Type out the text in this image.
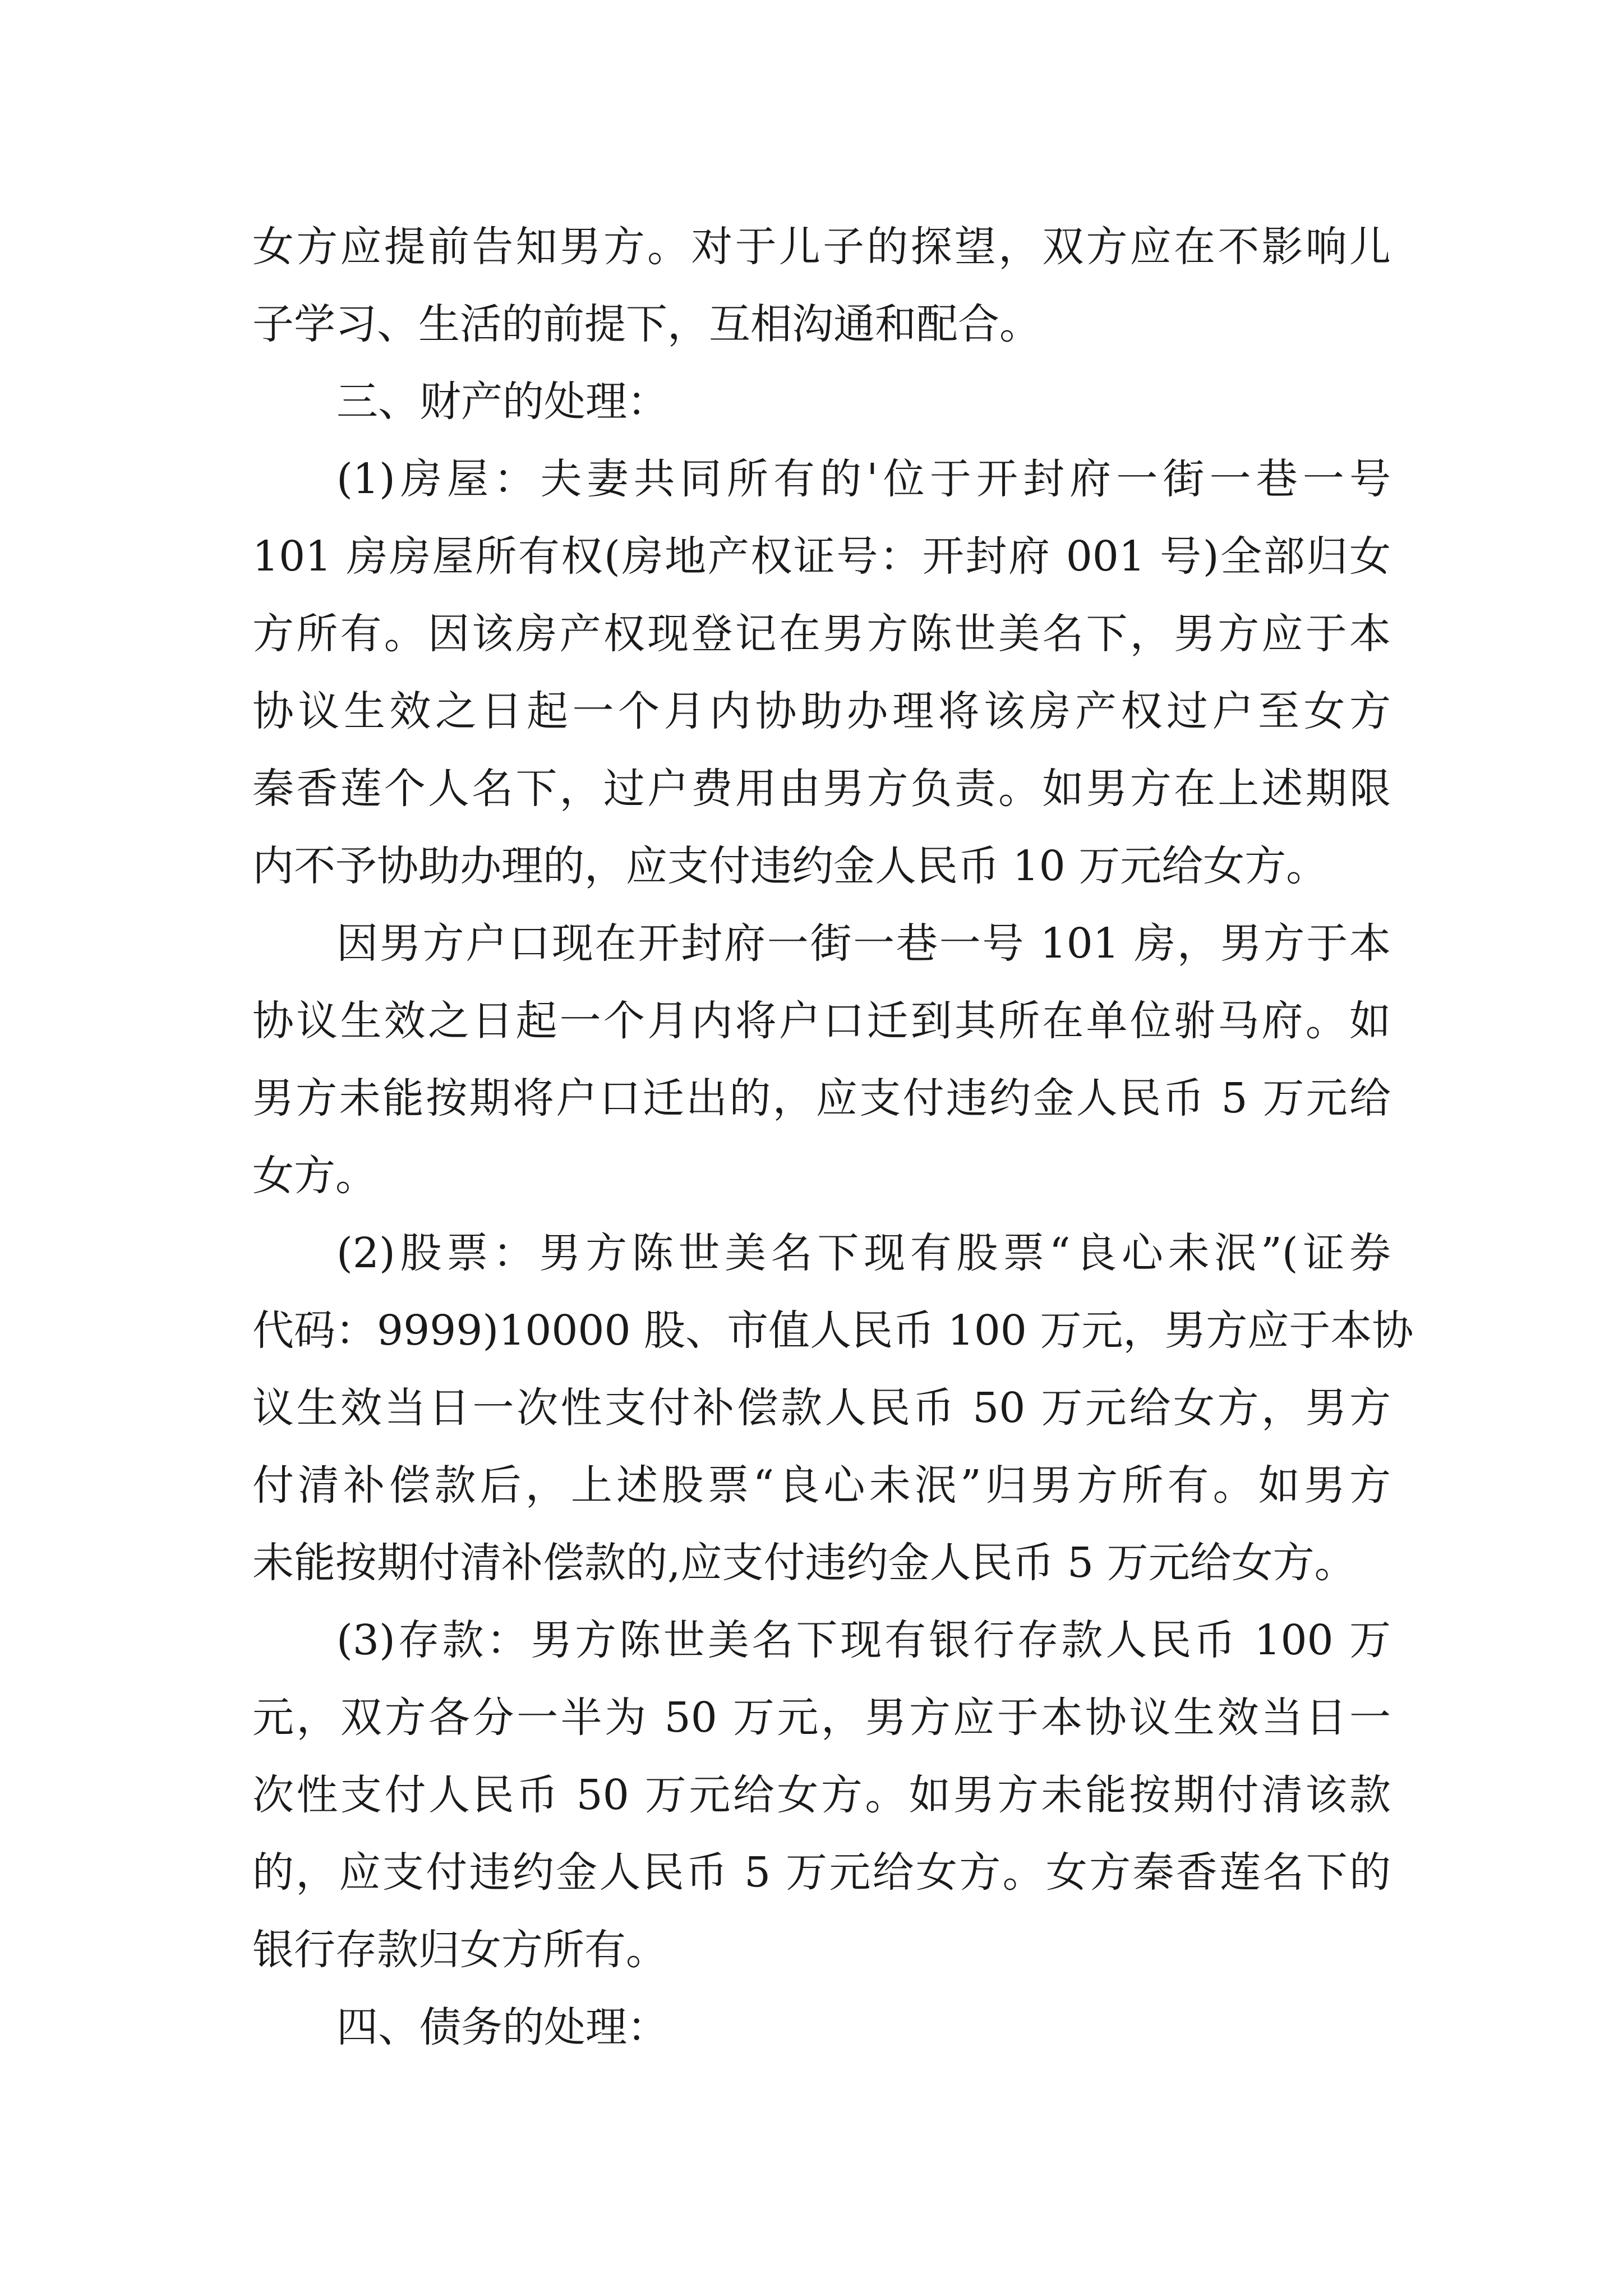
女方应提前告知男方。对于儿子的探望，双方应在不影响儿
子学习、生活的前提下，互相沟通和配合。
三、财产的处理：
(1)房屋：夫妻共同所有的'位于开封府一街一巷一号
101 房房屋所有权(房地产权证号：开封府 001 号)全部归女
方所有。因该房产权现登记在男方陈世美名下，男方应于本
协议生效之日起一个月内协助办理将该房产权过户至女方
秦香莲个人名下，过户费用由男方负责。如男方在上述期限
内不予协助办理的，应支付违约金人民币 10 万元给女方。
因男方户口现在开封府一街一巷一号 101 房，男方于本
协议生效之日起一个月内将户口迁到其所在单位驸马府。如
男方未能按期将户口迁出的，应支付违约金人民币 5 万元给
女方。
(2)股票：男方陈世美名下现有股票“良心未泯”(证券
代码：9999)10000 股、市值人民币 100 万元，男方应于本协
议生效当日一次性支付补偿款人民币 50 万元给女方，男方
付清补偿款后，上述股票“良心未泯”归男方所有。如男方
未能按期付清补偿款的,应支付违约金人民币 5 万元给女方。
(3)存款：男方陈世美名下现有银行存款人民币 100 万
元，双方各分一半为 50 万元，男方应于本协议生效当日一
次性支付人民币 50 万元给女方。如男方未能按期付清该款
的，应支付违约金人民币 5 万元给女方。女方秦香莲名下的
银行存款归女方所有。
四、债务的处理：
